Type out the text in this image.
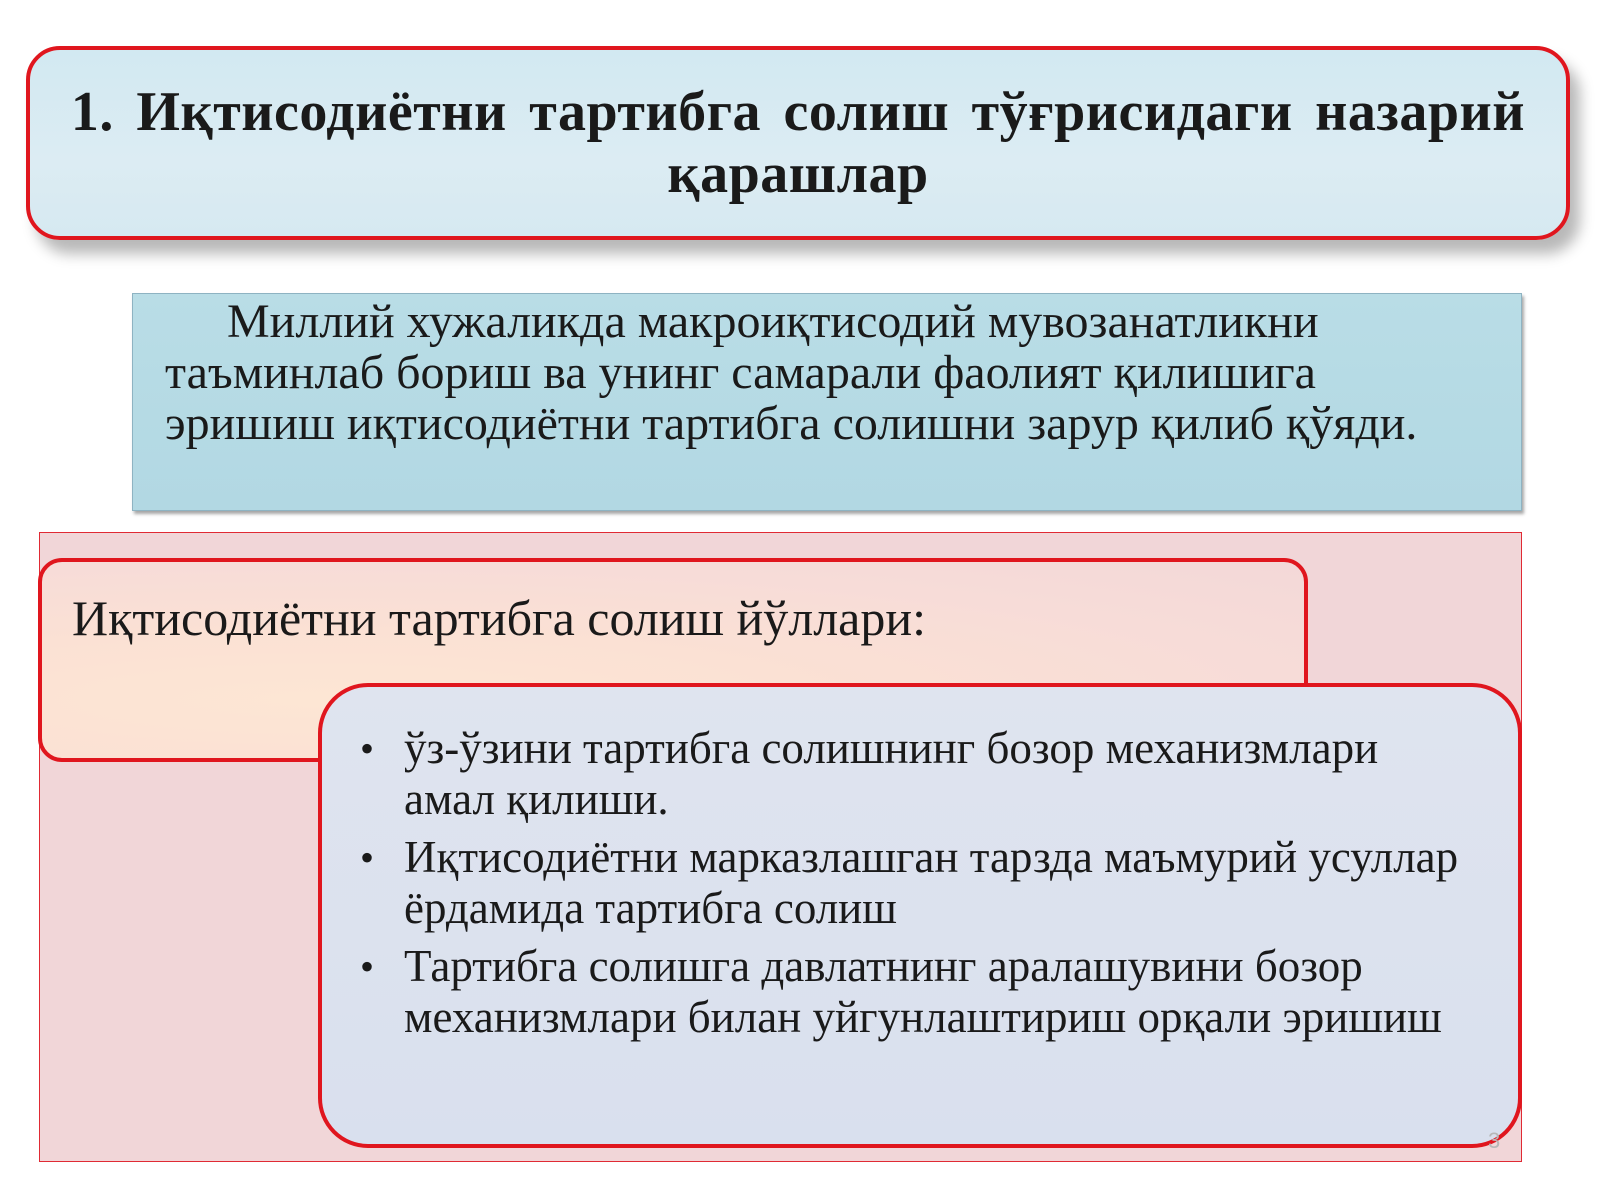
1. Иқтисодиётни тартибга солиш тўғрисидаги назарий қарашлар

Миллий хужаликда макроиқтисодий мувозанатликни таъминлаб бориш ва унинг самарали фаолият қилишига эришиш иқтисодиётни тартибга солишни зарур қилиб қўяди.

Иқтисодиётни тартибга солиш йўллари:
• ўз-ўзини тартибга солишнинг бозор механизмлари амал қилиши.
• Иқтисодиётни марказлашган тарзда маъмурий усуллар ёрдамида тартибга солиш
• Тартибга солишга давлатнинг аралашувини бозор механизмлари билан уйгунлаштириш орқали эришиш
3
